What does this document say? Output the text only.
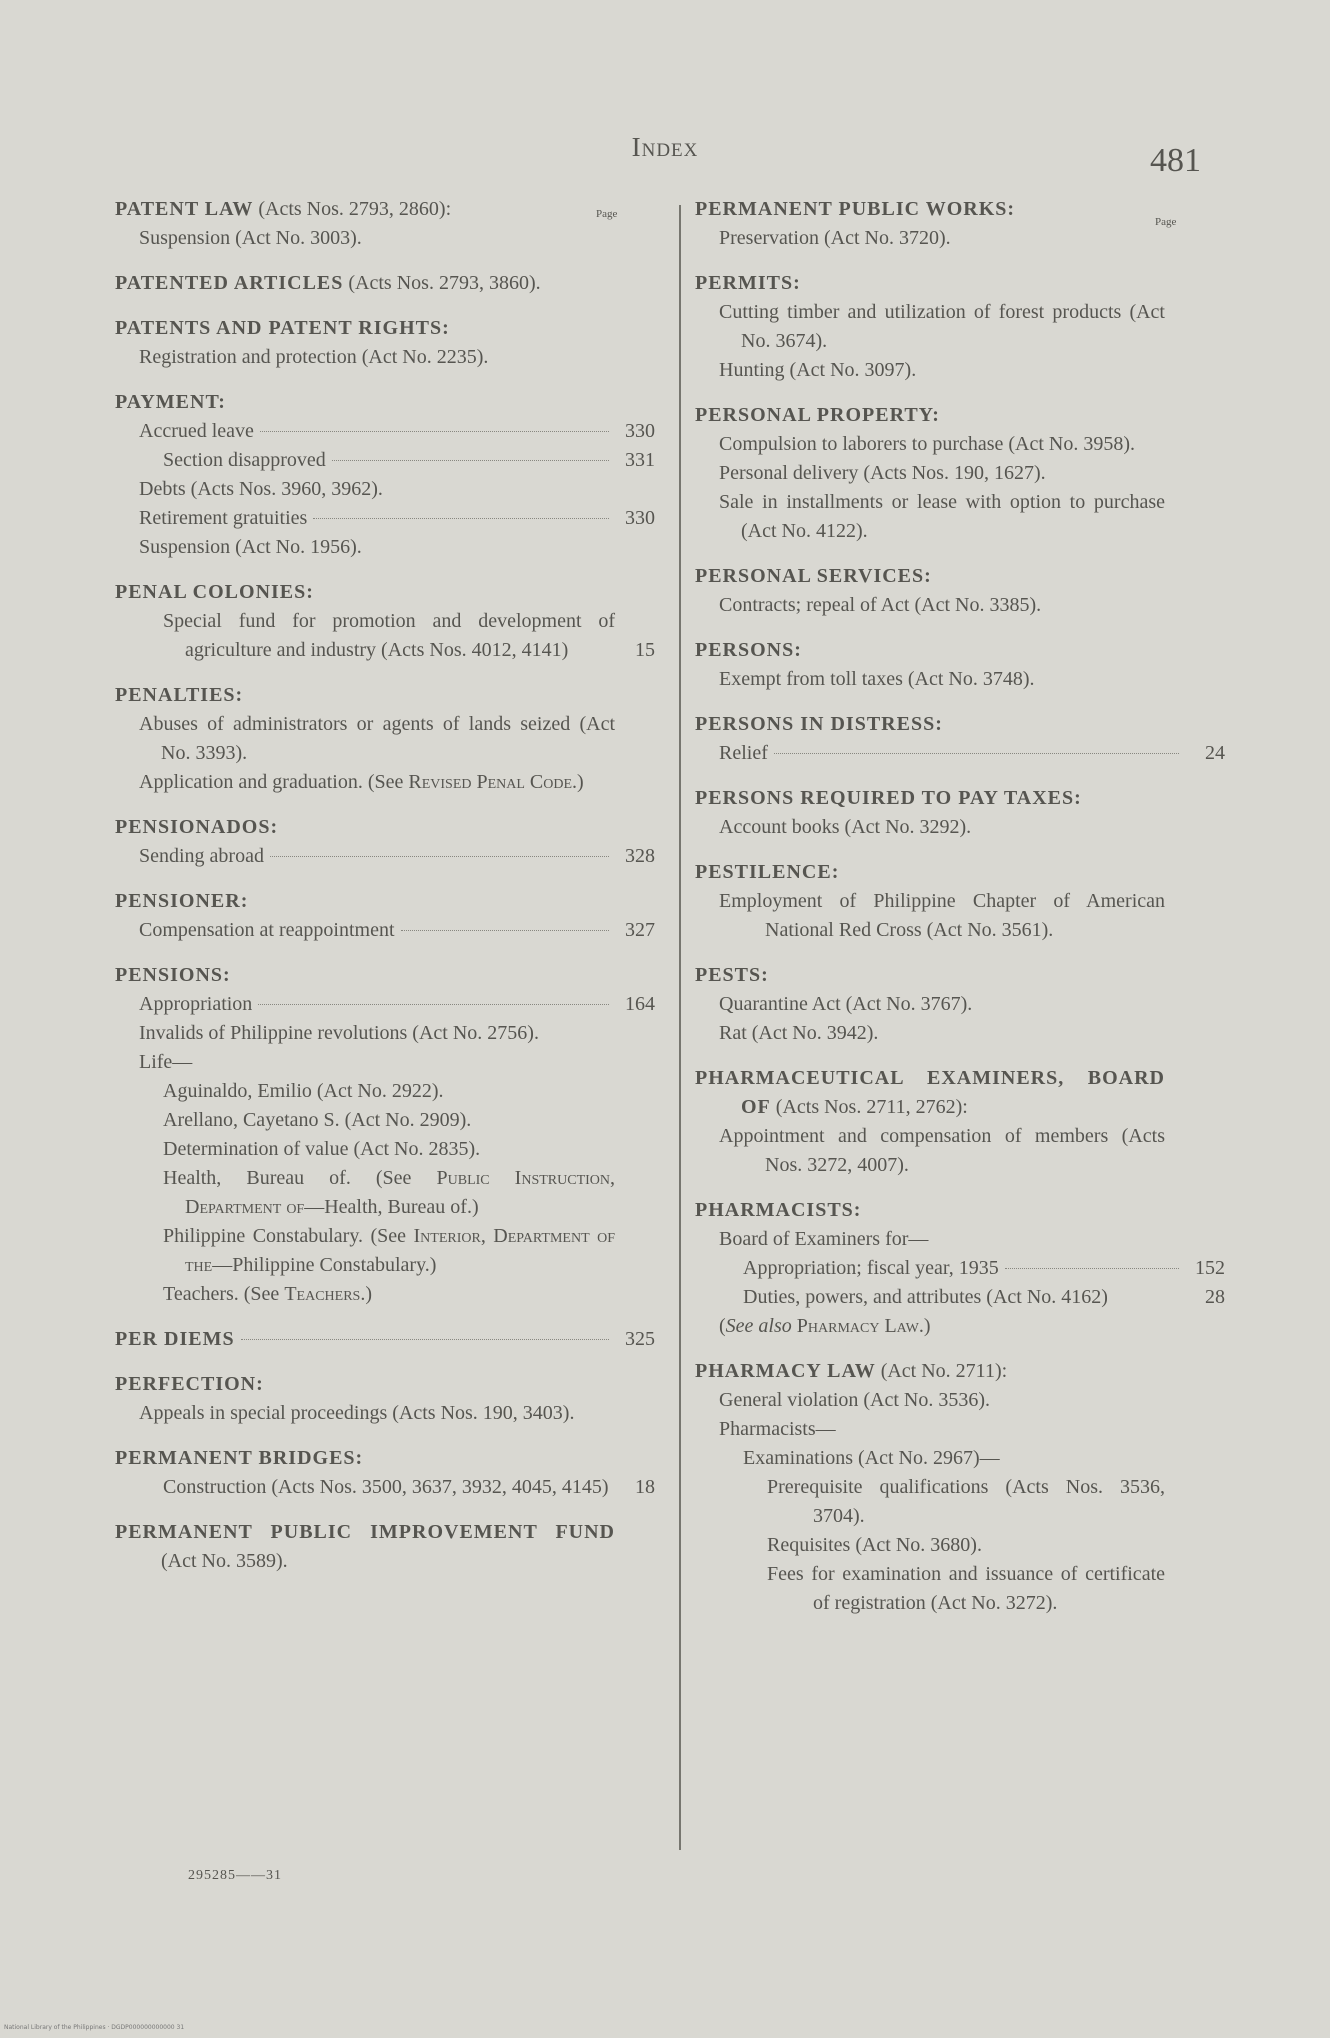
Index	481
Page
Page
PATENT LAW (Acts Nos. 2793, 2860):
Suspension (Act No. 3003).
PATENTED ARTICLES (Acts Nos. 2793, 3860).
PATENTS AND PATENT RIGHTS:
Registration and protection (Act No. 2235).
PAYMENT:
Accrued leave	330
Section disapproved	331
Debts (Acts Nos. 3960, 3962).
Retirement gratuities	330
Suspension (Act No. 1956).
PENAL COLONIES:
Special fund for promotion and development of agriculture and industry (Acts Nos. 4012, 4141)	15
PENALTIES:
Abuses of administrators or agents of lands seized (Act No. 3393).
Application and graduation. (See Revised Penal Code.)
PENSIONADOS:
Sending abroad	328
PENSIONER:
Compensation at reappointment	327
PENSIONS:
Appropriation	164
Invalids of Philippine revolutions (Act No. 2756).
Life—
Aguinaldo, Emilio (Act No. 2922).
Arellano, Cayetano S. (Act No. 2909).
Determination of value (Act No. 2835).
Health, Bureau of. (See Public Instruction, Department of—Health, Bureau of.)
Philippine Constabulary. (See Interior, Department of the—Philippine Constabulary.)
Teachers. (See Teachers.)
PER DIEMS	325
PERFECTION:
Appeals in special proceedings (Acts Nos. 190, 3403).
PERMANENT BRIDGES:
Construction (Acts Nos. 3500, 3637, 3932, 4045, 4145)	18
PERMANENT PUBLIC IMPROVEMENT FUND (Act No. 3589).
295285——31
PERMANENT PUBLIC WORKS:
Preservation (Act No. 3720).
PERMITS:
Cutting timber and utilization of forest products (Act No. 3674).
Hunting (Act No. 3097).
PERSONAL PROPERTY:
Compulsion to laborers to purchase (Act No. 3958).
Personal delivery (Acts Nos. 190, 1627).
Sale in installments or lease with option to purchase (Act No. 4122).
PERSONAL SERVICES:
Contracts; repeal of Act (Act No. 3385).
PERSONS:
Exempt from toll taxes (Act No. 3748).
PERSONS IN DISTRESS:
Relief	24
PERSONS REQUIRED TO PAY TAXES:
Account books (Act No. 3292).
PESTILENCE:
Employment of Philippine Chapter of American National Red Cross (Act No. 3561).
PESTS:
Quarantine Act (Act No. 3767).
Rat (Act No. 3942).
PHARMACEUTICAL EXAMINERS, BOARD OF (Acts Nos. 2711, 2762):
Appointment and compensation of members (Acts Nos. 3272, 4007).
PHARMACISTS:
Board of Examiners for—
Appropriation; fiscal year, 1935	152
Duties, powers, and attributes (Act No. 4162)	28
(See also Pharmacy Law.)
PHARMACY LAW (Act No. 2711):
General violation (Act No. 3536).
Pharmacists—
Examinations (Act No. 2967)—
Prerequisite qualifications (Acts Nos. 3536, 3704).
Requisites (Act No. 3680).
Fees for examination and issuance of certificate of registration (Act No. 3272).
National Library of the Philippines · DGDP000000000000 31
